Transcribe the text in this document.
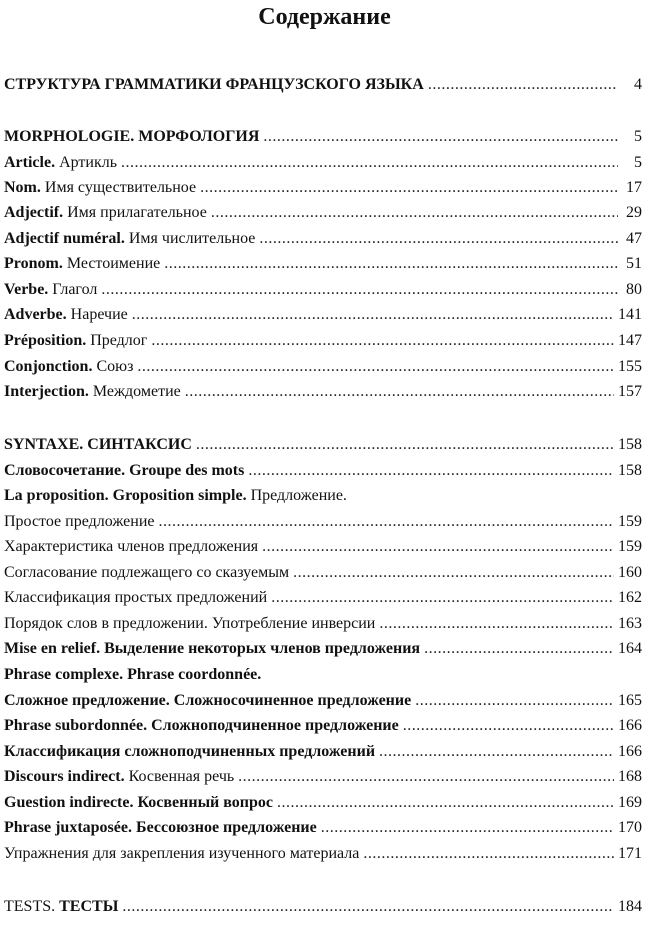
Содержание
СТРУКТУРА ГРАММАТИКИ ФРАНЦУЗСКОГО ЯЗЫКА .....	4
MORPHOLOGIE. МОРФОЛОГИЯ .....	5
Article. Артикль .....	5
Nom. Имя существительное .....	17
Adjectif. Имя прилагательное .....	29
Adjectif numéral. Имя числительное .....	47
Pronom. Местоимение .....	51
Verbe. Глагол .....	80
Adverbe. Наречие .....	141
Préposition. Предлог .....	147
Conjonction. Союз .....	155
Interjection. Междометие .....	157
SYNTAXE. СИНТАКСИС .....	158
Словосочетание. Groupe des mots .....	158
La proposition. Groposition simple. Предложение.
Простое предложение .....	159
Характеристика членов предложения .....	159
Согласование подлежащего со сказуемым .....	160
Классификация простых предложений .....	162
Порядок слов в предложении. Употребление инверсии .....	163
Mise en relief. Выделение некоторых членов предложения .....	164
Phrase complexe. Phrase coordonnée.
Сложное предложение. Сложносочиненное предложение .....	165
Phrase subordonnée. Сложноподчиненное предложение .....	166
Классификация сложноподчиненных предложений .....	166
Discours indirect. Косвенная речь .....	168
Guestion indirecte. Косвенный вопрос .....	169
Phrase juxtaposée. Бессоюзное предложение .....	170
Упражнения для закрепления изученного материала .....	171
TESTS. ТЕСТЫ .....	184
